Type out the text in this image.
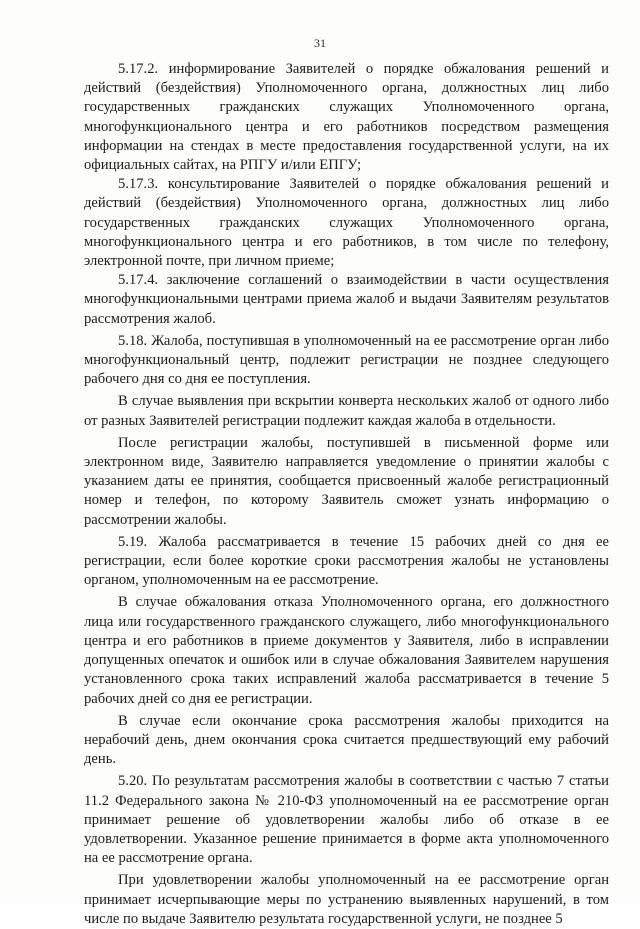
31

5.17.2. информирование Заявителей о порядке обжалования решений и действий (бездействия) Уполномоченного органа, должностных лиц либо государственных гражданских служащих Уполномоченного органа, многофункционального центра и его работников посредством размещения информации на стендах в месте предоставления государственной услуги, на их официальных сайтах, на РПГУ и/или ЕПГУ;

5.17.3. консультирование Заявителей о порядке обжалования решений и действий (бездействия) Уполномоченного органа, должностных лиц либо государственных гражданских служащих Уполномоченного органа, многофункционального центра и его работников, в том числе по телефону, электронной почте, при личном приеме;

5.17.4. заключение соглашений о взаимодействии в части осуществления многофункциональными центрами приема жалоб и выдачи Заявителям результатов рассмотрения жалоб.

5.18. Жалоба, поступившая в уполномоченный на ее рассмотрение орган либо многофункциональный центр, подлежит регистрации не позднее следующего рабочего дня со дня ее поступления.

В случае выявления при вскрытии конверта нескольких жалоб от одного либо от разных Заявителей регистрации подлежит каждая жалоба в отдельности.

После регистрации жалобы, поступившей в письменной форме или электронном виде, Заявителю направляется уведомление о принятии жалобы с указанием даты ее принятия, сообщается присвоенный жалобе регистрационный номер и телефон, по которому Заявитель сможет узнать информацию о рассмотрении жалобы.

5.19. Жалоба рассматривается в течение 15 рабочих дней со дня ее регистрации, если более короткие сроки рассмотрения жалобы не установлены органом, уполномоченным на ее рассмотрение.

В случае обжалования отказа Уполномоченного органа, его должностного лица или государственного гражданского служащего, либо многофункционального центра и его работников в приеме документов у Заявителя, либо в исправлении допущенных опечаток и ошибок или в случае обжалования Заявителем нарушения установленного срока таких исправлений жалоба рассматривается в течение 5 рабочих дней со дня ее регистрации.

В случае если окончание срока рассмотрения жалобы приходится на нерабочий день, днем окончания срока считается предшествующий ему рабочий день.

5.20. По результатам рассмотрения жалобы в соответствии с частью 7 статьи 11.2 Федерального закона № 210-ФЗ уполномоченный на ее рассмотрение орган принимает решение об удовлетворении жалобы либо об отказе в ее удовлетворении. Указанное решение принимается в форме акта уполномоченного на ее рассмотрение органа.

При удовлетворении жалобы уполномоченный на ее рассмотрение орган принимает исчерпывающие меры по устранению выявленных нарушений, в том числе по выдаче Заявителю результата государственной услуги, не позднее 5
